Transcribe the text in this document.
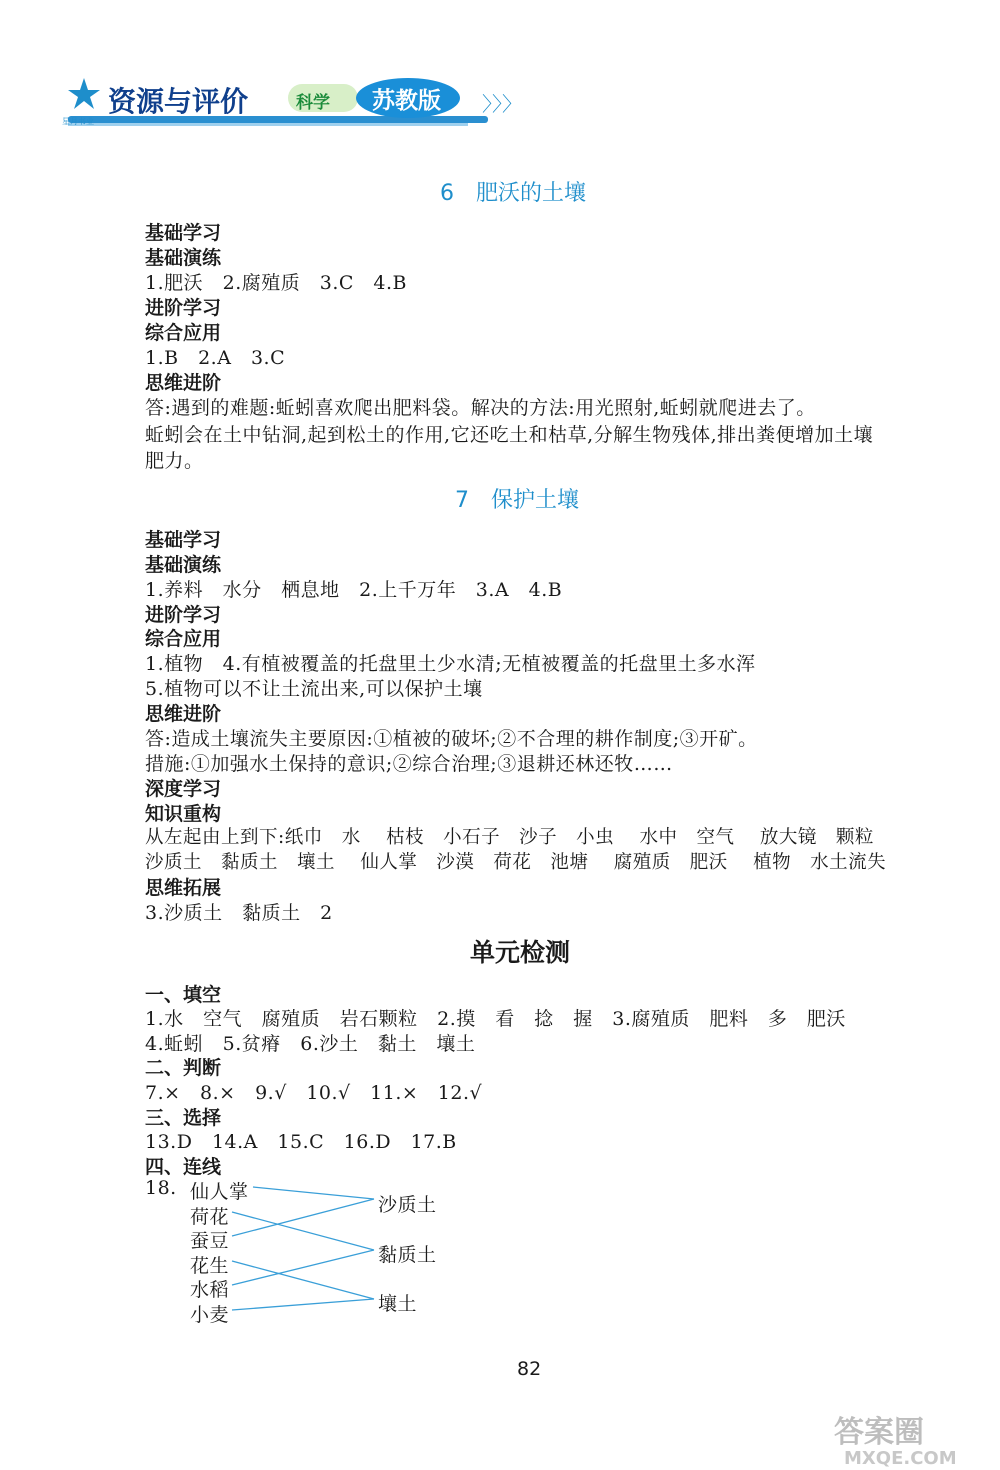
星月书业
资源与评价	科学 苏教版 〉〉〉
6　肥沃的土壤
基础学习
基础演练
1.肥沃　2.腐殖质　3.C　4.B
进阶学习
综合应用
1.B　2.A　3.C
思维进阶
答:遇到的难题:蚯蚓喜欢爬出肥料袋。解决的方法:用光照射,蚯蚓就爬进去了。
蚯蚓会在土中钻洞,起到松土的作用,它还吃土和枯草,分解生物残体,排出粪便增加土壤
肥力。
7　保护土壤
基础学习
基础演练
1.养料　水分　栖息地　2.上千万年　3.A　4.B
进阶学习
综合应用
1.植物　4.有植被覆盖的托盘里土少水清;无植被覆盖的托盘里土多水浑
5.植物可以不让土流出来,可以保护土壤
思维进阶
答:造成土壤流失主要原因:①植被的破坏;②不合理的耕作制度;③开矿。
措施:①加强水土保持的意识;②综合治理;③退耕还林还牧……
深度学习
知识重构
从左起由上到下:纸巾　水　 枯枝　小石子　沙子　小虫　 水中　空气　 放大镜　颗粒
沙质土　黏质土　壤土　 仙人掌　沙漠　荷花　池塘　 腐殖质　肥沃　 植物　水土流失
思维拓展
3.沙质土　黏质土　2
单元检测
一、填空
1.水　空气　腐殖质　岩石颗粒　2.摸　看　捻　握　3.腐殖质　肥料　多　肥沃
4.蚯蚓　5.贫瘠　6.沙土　黏土　壤土
二、判断
7.×　8.×　9.√　10.√　11.×　12.√
三、选择
13.D　14.A　15.C　16.D　17.B
四、连线
18. 仙人掌
荷花
蚕豆
花生
水稻
小麦
沙质土
黏质土
壤土
82
答案圈
MXQE.COM
